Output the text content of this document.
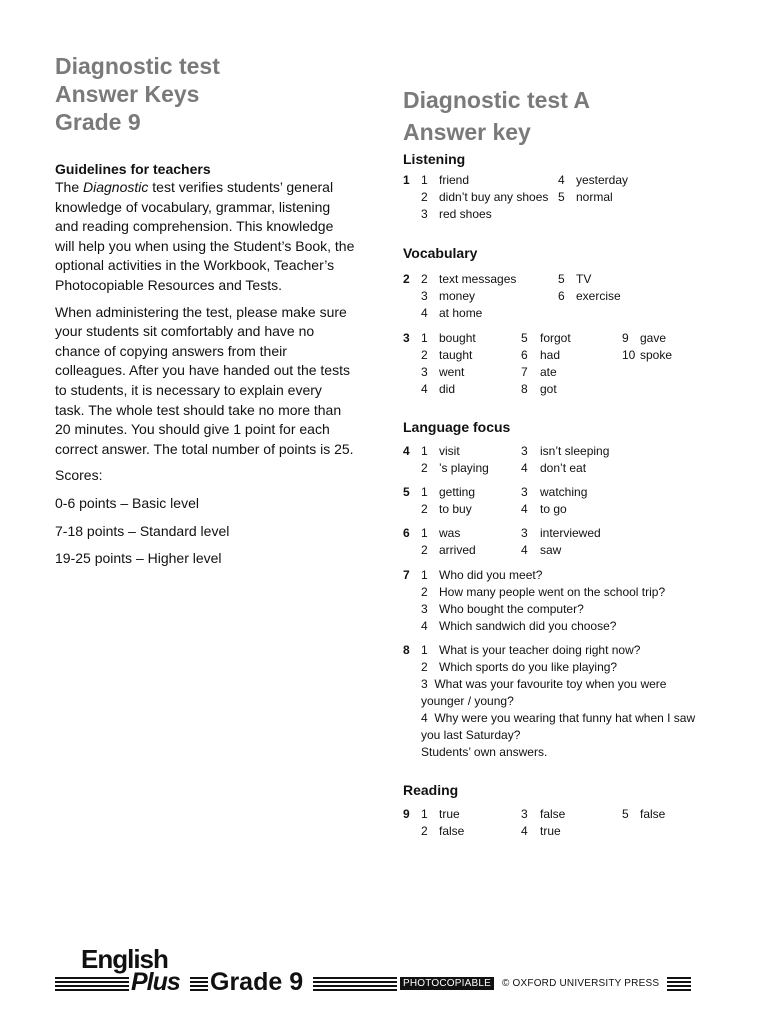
Diagnostic test
Answer Keys
Grade 9
Guidelines for teachers

The Diagnostic test verifies students’ general knowledge of vocabulary, grammar, listening and reading comprehension. This knowledge will help you when using the Student’s Book, the optional activities in the Workbook, Teacher’s Photocopiable Resources and Tests.

When administering the test, please make sure your students sit comfortably and have no chance of copying answers from their colleagues. After you have handed out the tests to students, it is necessary to explain every task. The whole test should take no more than 20 minutes. You should give 1 point for each correct answer. The total number of points is 25.

Scores:

0-6 points – Basic level

7-18 points – Standard level

19-25 points – Higher level

Diagnostic test A
Answer key
Listening
1 1 friend	4 yesterday
2 didn’t buy any shoes 5 normal
3 red shoes
Vocabulary
2 2 text messages	5 TV
3 money	6 exercise
4 at home
3 1 bought	5 forgot	9 gave
2 taught	6 had	10 spoke
3 went	7 ate
4 did	8 got
Language focus
4 1 visit	3 isn’t sleeping
2 ’s playing	4 don’t eat
5 1 getting	3 watching
2 to buy	4 to go
6 1 was	3 interviewed
2 arrived	4 saw
7 1 Who did you meet?
2 How many people went on the school trip?
3 Who bought the computer?
4 Which sandwich did you choose?
8 1 What is your teacher doing right now?
2 Which sports do you like playing?
3  What was your favourite toy when you were younger / young?
4  Why were you wearing that funny hat when I saw you last Saturday?
Students’ own answers.
Reading
9 1 true	3 false	5 false
2 false	4 true
English
Plus Grade 9	PHOTOCOPIABLE	© OXFORD UNIVERSITY PRESS
